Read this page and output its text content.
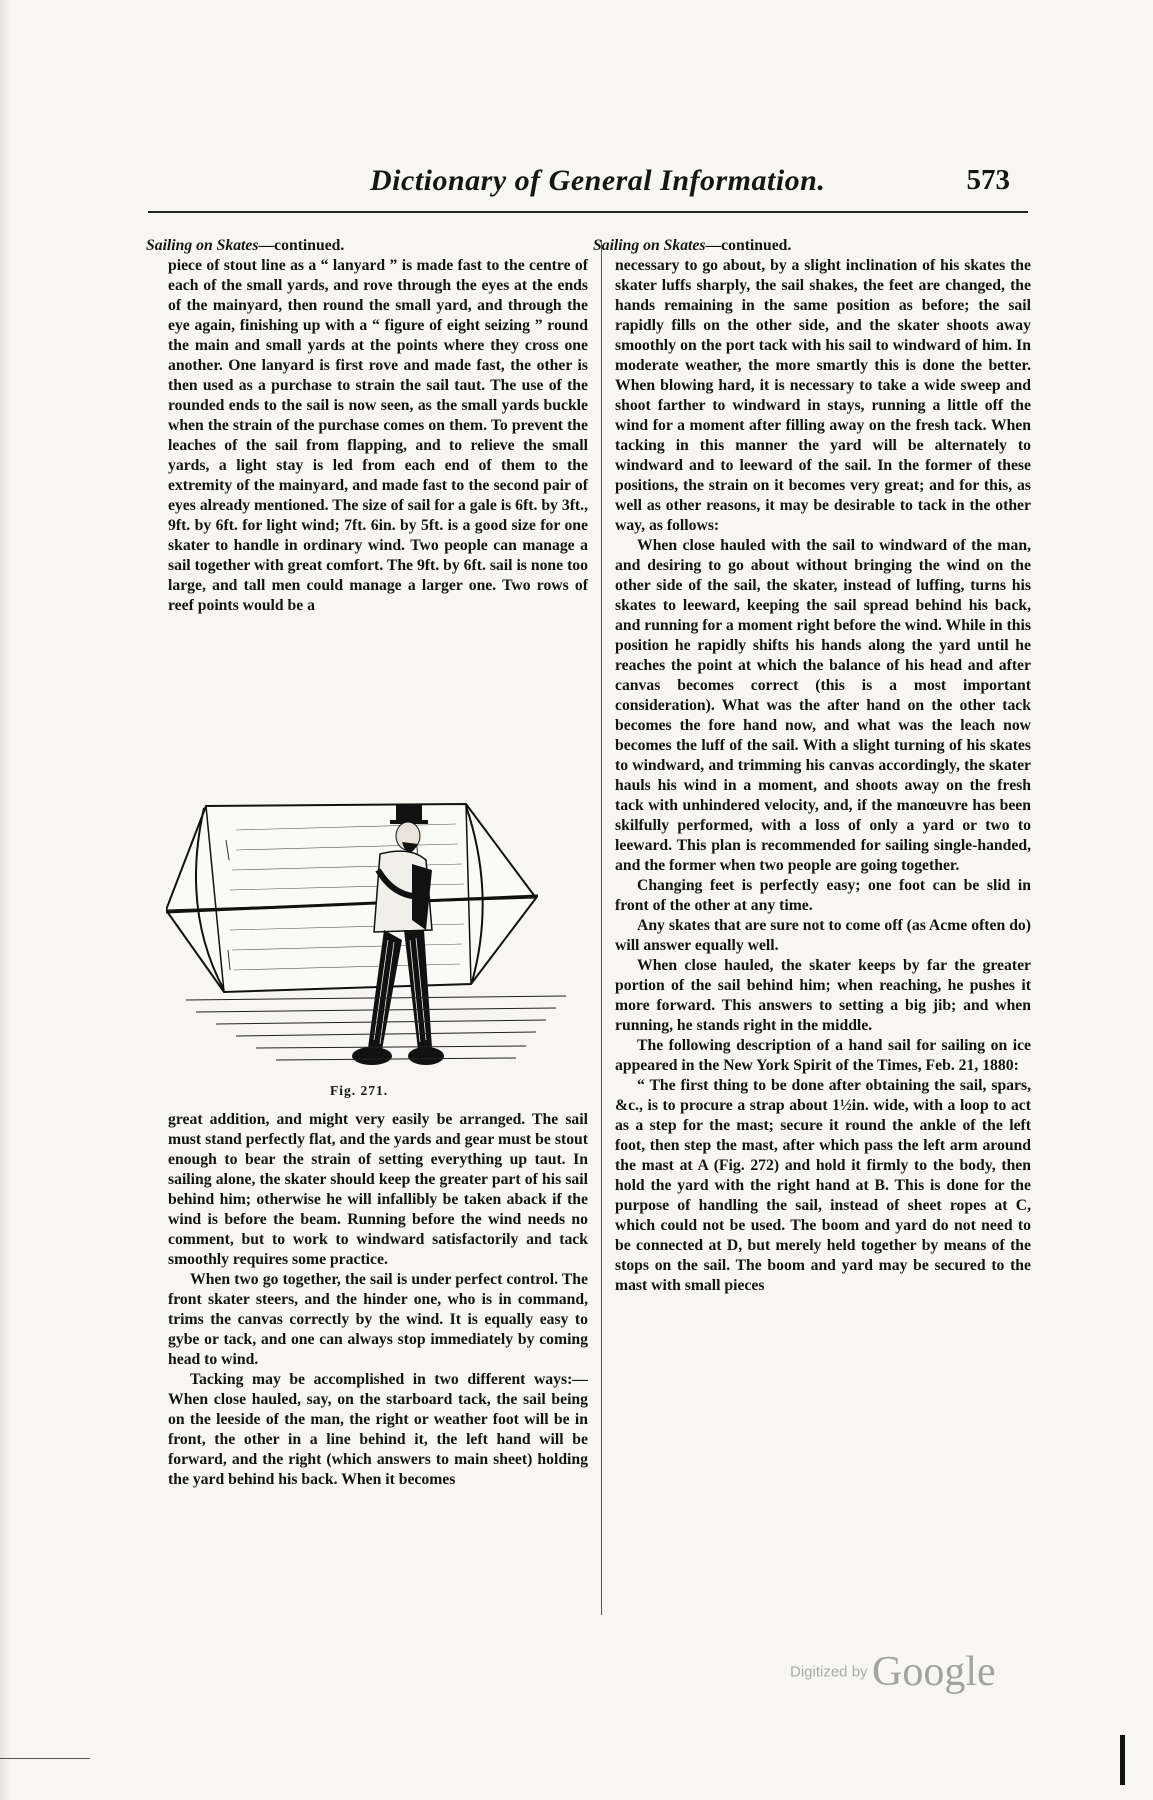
Dictionary of General Information.	573

Sailing on Skates—continued.

piece of stout line as a “ lanyard ” is made fast to the centre of each of the small yards, and rove through the eyes at the ends of the mainyard, then round the small yard, and through the eye again, finishing up with a “ figure of eight seizing ” round the main and small yards at the points where they cross one another. One lanyard is first rove and made fast, the other is then used as a purchase to strain the sail taut. The use of the rounded ends to the sail is now seen, as the small yards buckle when the strain of the purchase comes on them. To prevent the leaches of the sail from flapping, and to relieve the small yards, a light stay is led from each end of them to the extremity of the mainyard, and made fast to the second pair of eyes already mentioned. The size of sail for a gale is 6ft. by 3ft., 9ft. by 6ft. for light wind; 7ft. 6in. by 5ft. is a good size for one skater to handle in ordinary wind. Two people can manage a sail together with great comfort. The 9ft. by 6ft. sail is none too large, and tall men could manage a larger one. Two rows of reef points would be a

Fig. 271.

great addition, and might very easily be arranged. The sail must stand perfectly flat, and the yards and gear must be stout enough to bear the strain of setting everything up taut. In sailing alone, the skater should keep the greater part of his sail behind him; otherwise he will infallibly be taken aback if the wind is before the beam. Running before the wind needs no comment, but to work to windward satisfactorily and tack smoothly requires some practice.

When two go together, the sail is under perfect control. The front skater steers, and the hinder one, who is in command, trims the canvas correctly by the wind. It is equally easy to gybe or tack, and one can always stop immediately by coming head to wind.

Tacking may be accomplished in two different ways:—When close hauled, say, on the starboard tack, the sail being on the leeside of the man, the right or weather foot will be in front, the other in a line behind it, the left hand will be forward, and the right (which answers to main sheet) holding the yard behind his back. When it becomes

Sailing on Skates—continued.

necessary to go about, by a slight inclination of his skates the skater luffs sharply, the sail shakes, the feet are changed, the hands remaining in the same position as before; the sail rapidly fills on the other side, and the skater shoots away smoothly on the port tack with his sail to windward of him. In moderate weather, the more smartly this is done the better. When blowing hard, it is necessary to take a wide sweep and shoot farther to windward in stays, running a little off the wind for a moment after filling away on the fresh tack. When tacking in this manner the yard will be alternately to windward and to leeward of the sail. In the former of these positions, the strain on it becomes very great; and for this, as well as other reasons, it may be desirable to tack in the other way, as follows:

When close hauled with the sail to windward of the man, and desiring to go about without bringing the wind on the other side of the sail, the skater, instead of luffing, turns his skates to leeward, keeping the sail spread behind his back, and running for a moment right before the wind. While in this position he rapidly shifts his hands along the yard until he reaches the point at which the balance of his head and after canvas becomes correct (this is a most important consideration). What was the after hand on the other tack becomes the fore hand now, and what was the leach now becomes the luff of the sail. With a slight turning of his skates to windward, and trimming his canvas accordingly, the skater hauls his wind in a moment, and shoots away on the fresh tack with unhindered velocity, and, if the manœuvre has been skilfully performed, with a loss of only a yard or two to leeward. This plan is recommended for sailing single-handed, and the former when two people are going together.

Changing feet is perfectly easy; one foot can be slid in front of the other at any time.

Any skates that are sure not to come off (as Acme often do) will answer equally well.

When close hauled, the skater keeps by far the greater portion of the sail behind him; when reaching, he pushes it more forward. This answers to setting a big jib; and when running, he stands right in the middle.

The following description of a hand sail for sailing on ice appeared in the New York Spirit of the Times, Feb. 21, 1880:

“ The first thing to be done after obtaining the sail, spars, &c., is to procure a strap about 1½in. wide, with a loop to act as a step for the mast; secure it round the ankle of the left foot, then step the mast, after which pass the left arm around the mast at A (Fig. 272) and hold it firmly to the body, then hold the yard with the right hand at B. This is done for the purpose of handling the sail, instead of sheet ropes at C, which could not be used. The boom and yard do not need to be connected at D, but merely held together by means of the stops on the sail. The boom and yard may be secured to the mast with small pieces

Digitized by Google
